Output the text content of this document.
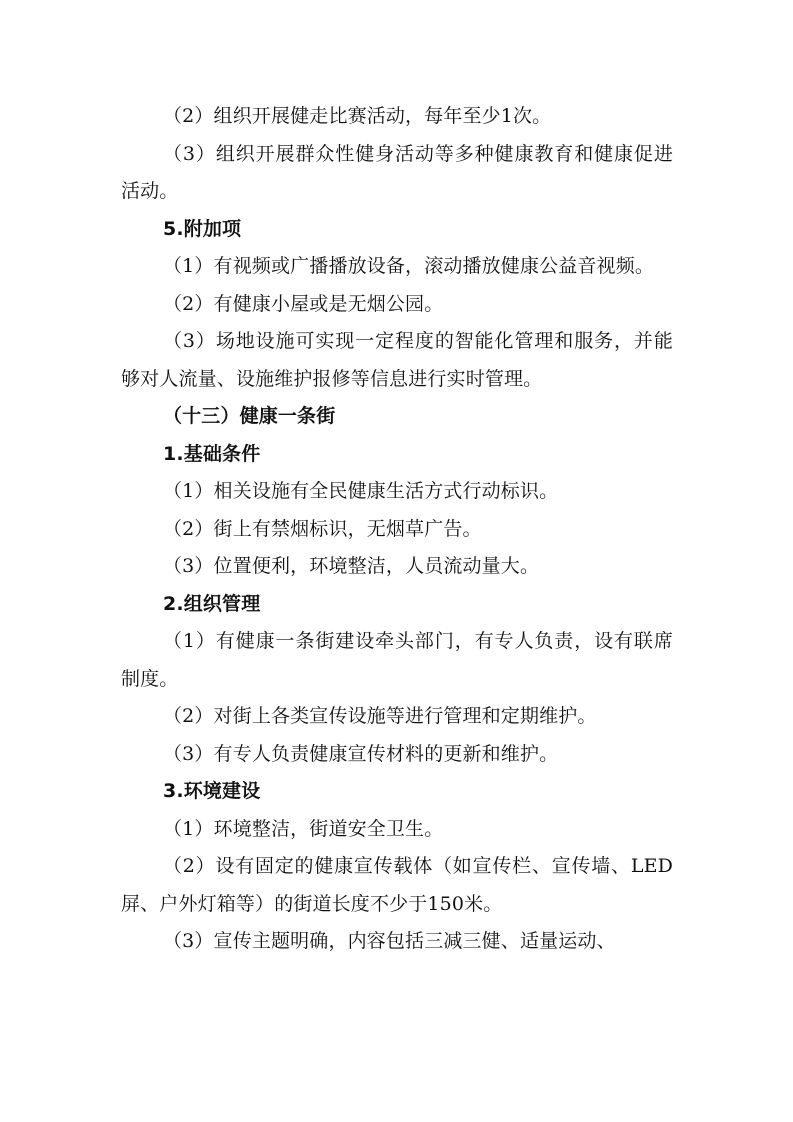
（2）组织开展健走比赛活动，每年至少1次。

（3）组织开展群众性健身活动等多种健康教育和健康促进活动。

5.附加项

（1）有视频或广播播放设备，滚动播放健康公益音视频。

（2）有健康小屋或是无烟公园。

（3）场地设施可实现一定程度的智能化管理和服务，并能够对人流量、设施维护报修等信息进行实时管理。

（十三）健康一条街

1.基础条件

（1）相关设施有全民健康生活方式行动标识。

（2）街上有禁烟标识，无烟草广告。

（3）位置便利，环境整洁，人员流动量大。

2.组织管理

（1）有健康一条街建设牵头部门，有专人负责，设有联席制度。

（2）对街上各类宣传设施等进行管理和定期维护。

（3）有专人负责健康宣传材料的更新和维护。

3.环境建设

（1）环境整洁，街道安全卫生。

（2）设有固定的健康宣传载体（如宣传栏、宣传墙、LED屏、户外灯箱等）的街道长度不少于150米。

（3）宣传主题明确，内容包括三减三健、适量运动、
